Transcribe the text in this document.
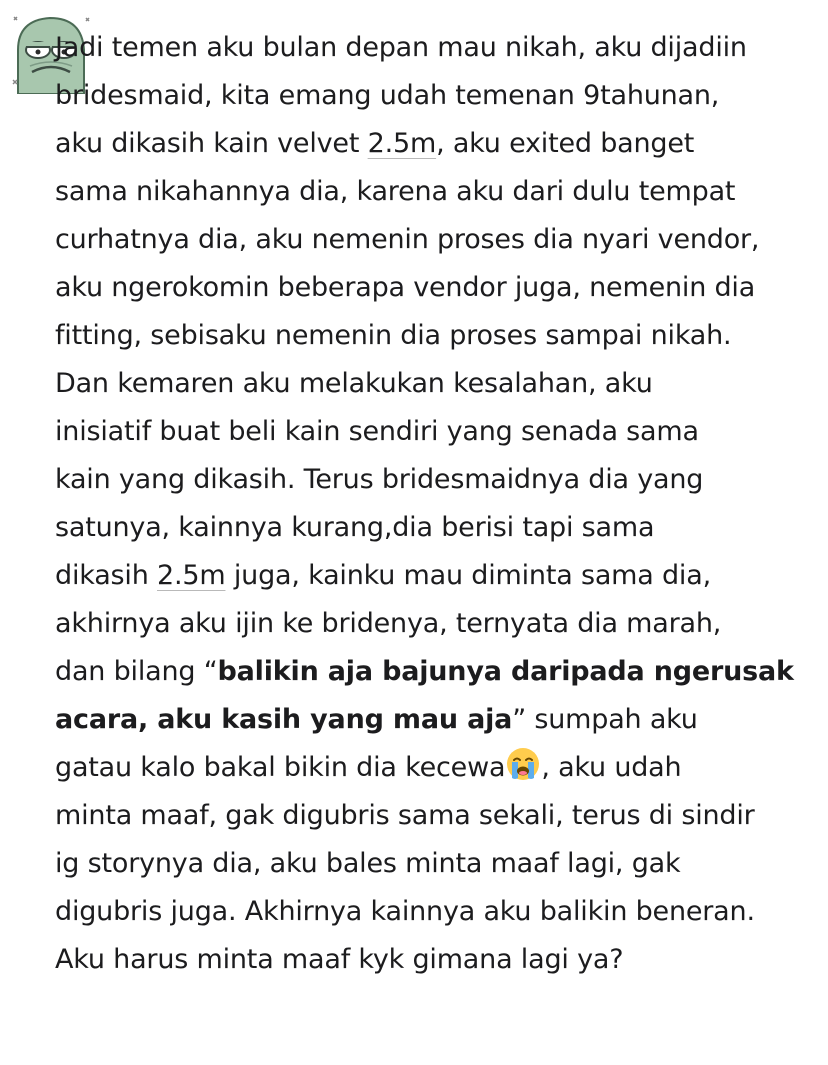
Jadi temen aku bulan depan mau nikah, aku dijadiin
bridesmaid, kita emang udah temenan 9tahunan,
aku dikasih kain velvet 2.5m, aku exited banget
sama nikahannya dia, karena aku dari dulu tempat
curhatnya dia, aku nemenin proses dia nyari vendor,
aku ngerokomin beberapa vendor juga, nemenin dia
fitting, sebisaku nemenin dia proses sampai nikah.
Dan kemaren aku melakukan kesalahan, aku
inisiatif buat beli kain sendiri yang senada sama
kain yang dikasih. Terus bridesmaidnya dia yang
satunya, kainnya kurang,dia berisi tapi sama
dikasih 2.5m juga, kainku mau diminta sama dia,
akhirnya aku ijin ke bridenya, ternyata dia marah,
dan bilang “balikin aja bajunya daripada ngerusak
acara, aku kasih yang mau aja” sumpah aku
gatau kalo bakal bikin dia kecewa , aku udah
minta maaf, gak digubris sama sekali, terus di sindir
ig storynya dia, aku bales minta maaf lagi, gak
digubris juga. Akhirnya kainnya aku balikin beneran.
Aku harus minta maaf kyk gimana lagi ya?
